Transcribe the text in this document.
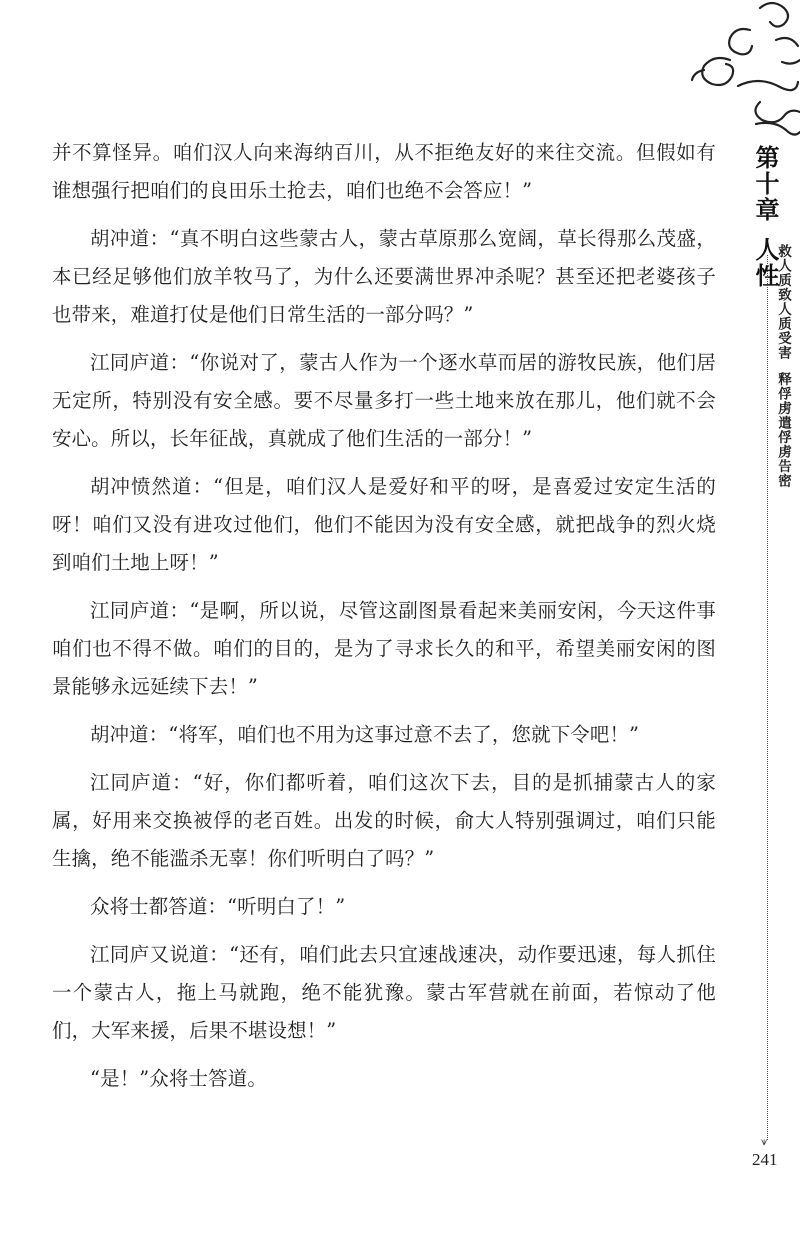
第十章人性
救人质致人质受害释俘虏遣俘虏告密
⩛
241

并不算怪异。咱们汉人向来海纳百川，从不拒绝友好的来往交流。但假如有谁想强行把咱们的良田乐土抢去，咱们也绝不会答应！”

胡冲道：“真不明白这些蒙古人，蒙古草原那么宽阔，草长得那么茂盛，本已经足够他们放羊牧马了，为什么还要满世界冲杀呢？甚至还把老婆孩子也带来，难道打仗是他们日常生活的一部分吗？”

江同庐道：“你说对了，蒙古人作为一个逐水草而居的游牧民族，他们居无定所，特别没有安全感。要不尽量多打一些土地来放在那儿，他们就不会安心。所以，长年征战，真就成了他们生活的一部分！”

胡冲愤然道：“但是，咱们汉人是爱好和平的呀，是喜爱过安定生活的呀！咱们又没有进攻过他们，他们不能因为没有安全感，就把战争的烈火烧到咱们土地上呀！”

江同庐道：“是啊，所以说，尽管这副图景看起来美丽安闲，今天这件事咱们也不得不做。咱们的目的，是为了寻求长久的和平，希望美丽安闲的图景能够永远延续下去！”

胡冲道：“将军，咱们也不用为这事过意不去了，您就下令吧！”

江同庐道：“好，你们都听着，咱们这次下去，目的是抓捕蒙古人的家属，好用来交换被俘的老百姓。出发的时候，俞大人特别强调过，咱们只能生擒，绝不能滥杀无辜！你们听明白了吗？”

众将士都答道：“听明白了！”

江同庐又说道：“还有，咱们此去只宜速战速决，动作要迅速，每人抓住一个蒙古人，拖上马就跑，绝不能犹豫。蒙古军营就在前面，若惊动了他们，大军来援，后果不堪设想！”

“是！”众将士答道。
